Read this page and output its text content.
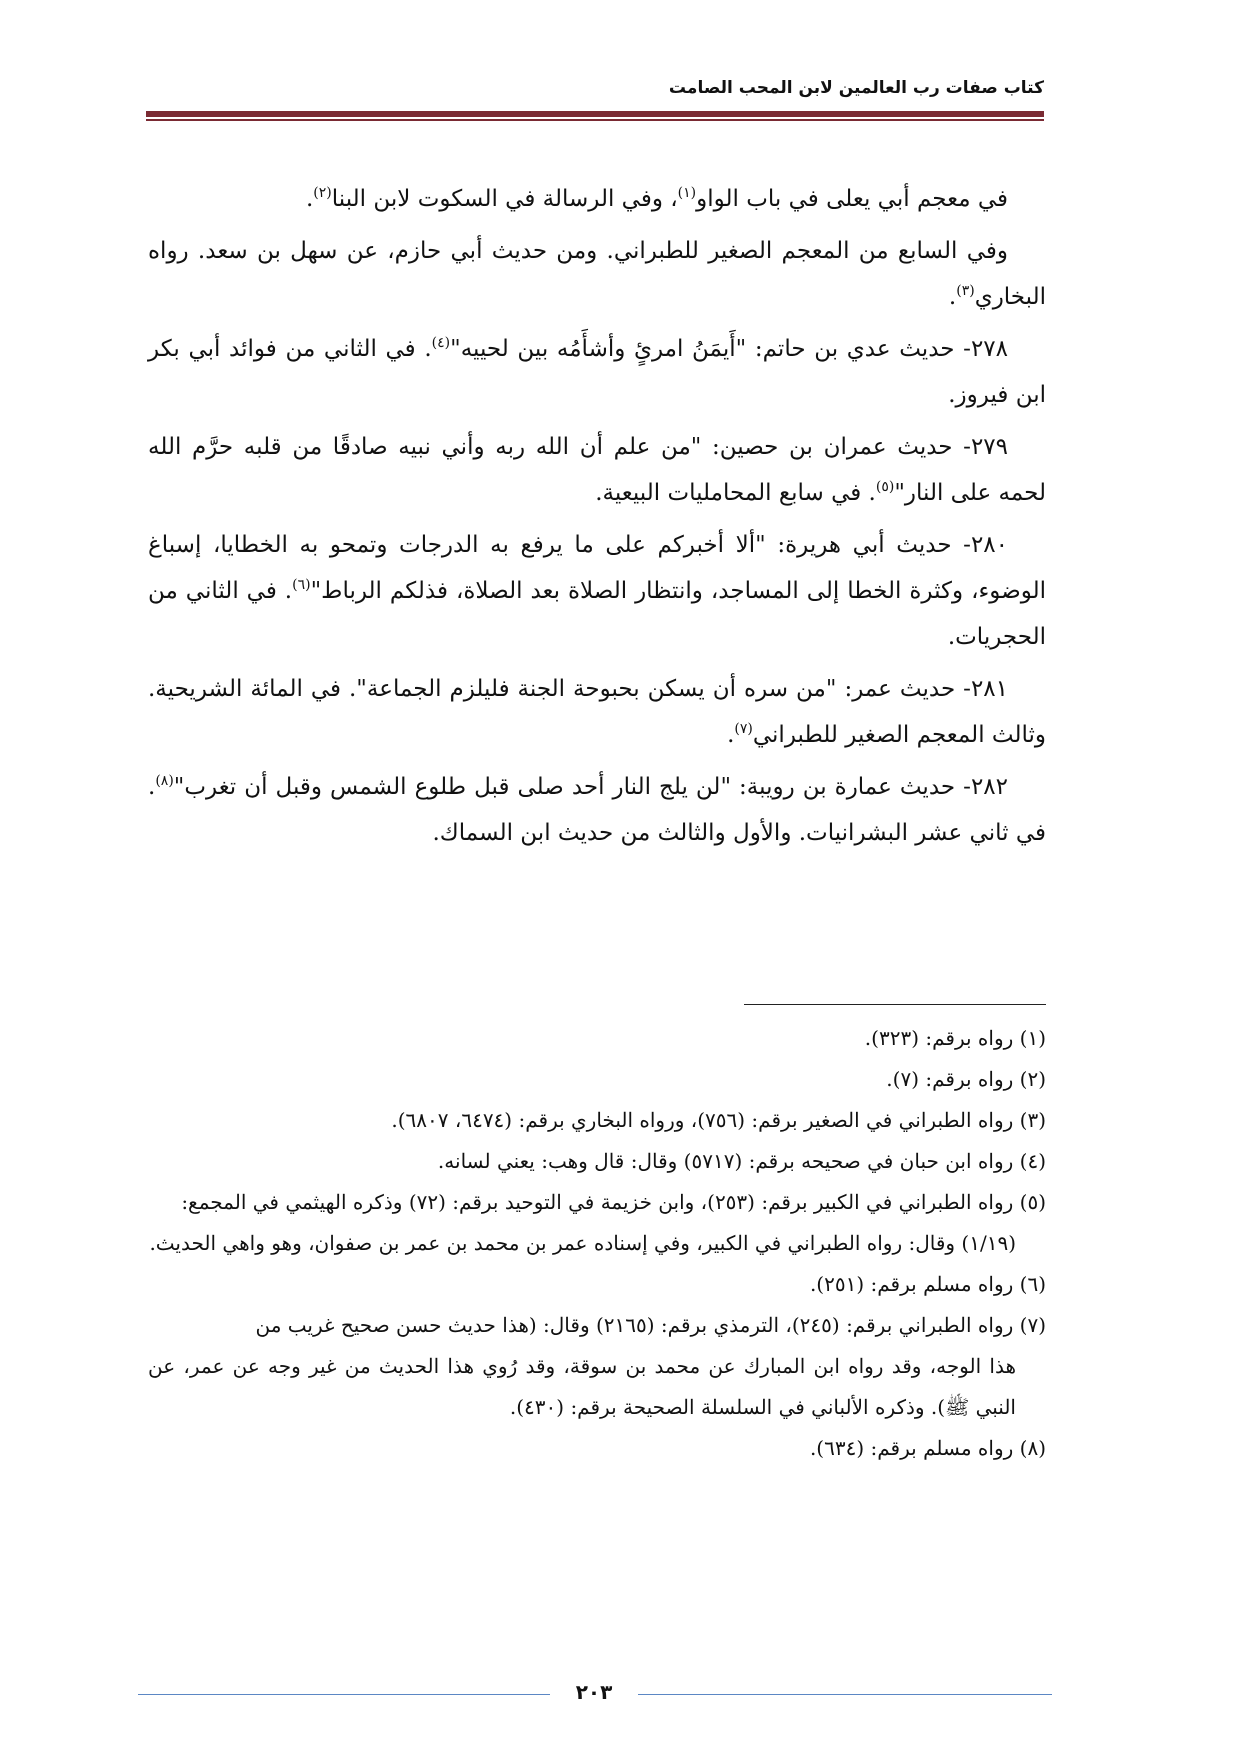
كتاب صفات رب العالمين لابن المحب الصامت

في معجم أبي يعلى في باب الواو$^{(١)}$، وفي الرسالة في السكوت لابن البنا$^{(٢)}$.

وفي السابع من المعجم الصغير للطبراني. ومن حديث أبي حازم، عن سهل بن سعد. رواه البخاري$^{(٣)}$.

٢٧٨- حديث عدي بن حاتم: "أَيمَنُ امرئٍ وأشأَمُه بين لحييه"$^{(٤)}$. في الثاني من فوائد أبي بكر ابن فيروز.

٢٧٩- حديث عمران بن حصين: "من علم أن الله ربه وأني نبيه صادقًا من قلبه حرَّم الله لحمه على النار"$^{(٥)}$. في سابع المحامليات البيعية.

٢٨٠- حديث أبي هريرة: "ألا أخبركم على ما يرفع به الدرجات وتمحو به الخطايا، إسباغ الوضوء، وكثرة الخطا إلى المساجد، وانتظار الصلاة بعد الصلاة، فذلكم الرباط"$^{(٦)}$. في الثاني من الحجريات.

٢٨١- حديث عمر: "من سره أن يسكن بحبوحة الجنة فليلزم الجماعة". في المائة الشريحية. وثالث المعجم الصغير للطبراني$^{(٧)}$.

٢٨٢- حديث عمارة بن رويبة: "لن يلج النار أحد صلى قبل طلوع الشمس وقبل أن تغرب"$^{(٨)}$. في ثاني عشر البشرانيات. والأول والثالث من حديث ابن السماك.

(١) رواه برقم: (٣٢٣).
(٢) رواه برقم: (٧).
(٣) رواه الطبراني في الصغير برقم: (٧٥٦)، ورواه البخاري برقم: (٦٤٧٤، ٦٨٠٧).
(٤) رواه ابن حبان في صحيحه برقم: (٥٧١٧) وقال: قال وهب: يعني لسانه.
(٥) رواه الطبراني في الكبير برقم: (٢٥٣)، وابن خزيمة في التوحيد برقم: (٧٢) وذكره الهيثمي في المجمع:
(١/١٩) وقال: رواه الطبراني في الكبير، وفي إسناده عمر بن محمد بن عمر بن صفوان، وهو واهي الحديث.
(٦) رواه مسلم برقم: (٢٥١).
(٧) رواه الطبراني برقم: (٢٤٥)، الترمذي برقم: (٢١٦٥) وقال: (هذا حديث حسن صحيح غريب من
هذا الوجه، وقد رواه ابن المبارك عن محمد بن سوقة، وقد رُوي هذا الحديث من غير وجه عن عمر، عن النبي ﷺ). وذكره الألباني في السلسلة الصحيحة برقم: (٤٣٠).
(٨) رواه مسلم برقم: (٦٣٤).
٢٠٣
